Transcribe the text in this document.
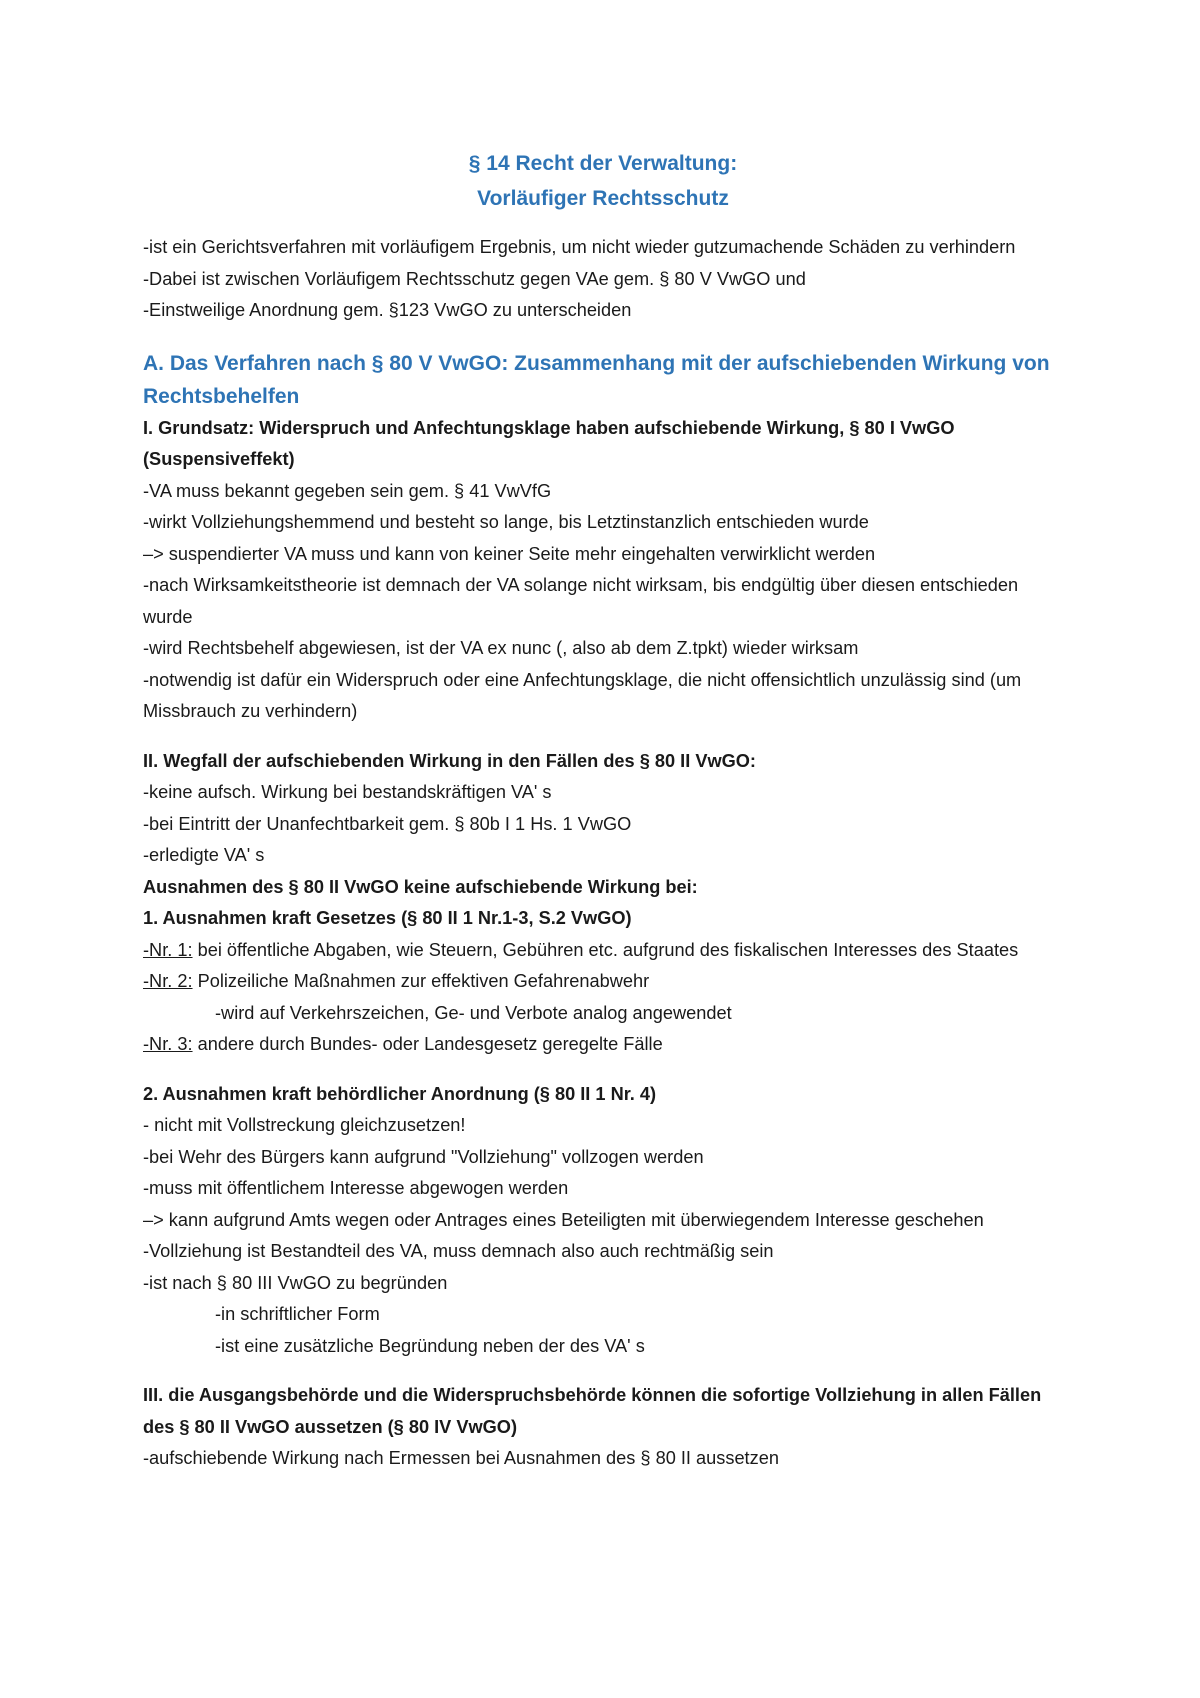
§ 14 Recht der Verwaltung:

Vorläufiger Rechtsschutz

-ist ein Gerichtsverfahren mit vorläufigem Ergebnis, um nicht wieder gutzumachende Schäden zu verhindern

-Dabei ist zwischen Vorläufigem Rechtsschutz gegen VAe gem. § 80 V VwGO und

-Einstweilige Anordnung gem. §123 VwGO zu unterscheiden

A. Das Verfahren nach § 80 V VwGO: Zusammenhang mit der aufschiebenden Wirkung von Rechtsbehelfen

I. Grundsatz: Widerspruch und Anfechtungsklage haben aufschiebende Wirkung, § 80 I VwGO (Suspensiveffekt)

-VA muss bekannt gegeben sein gem. § 41 VwVfG

-wirkt Vollziehungshemmend und besteht so lange, bis Letztinstanzlich entschieden wurde

–> suspendierter VA muss und kann von keiner Seite mehr eingehalten verwirklicht werden

-nach Wirksamkeitstheorie ist demnach der VA solange nicht wirksam, bis endgültig über diesen entschieden wurde

-wird Rechtsbehelf abgewiesen, ist der VA ex nunc (, also ab dem Z.tpkt) wieder wirksam

-notwendig ist dafür ein Widerspruch oder eine Anfechtungsklage, die nicht offensichtlich unzulässig sind (um Missbrauch zu verhindern)

II. Wegfall der aufschiebenden Wirkung in den Fällen des § 80 II VwGO:

-keine aufsch. Wirkung bei bestandskräftigen VA' s

-bei Eintritt der Unanfechtbarkeit gem. § 80b I 1 Hs. 1 VwGO

-erledigte VA' s

Ausnahmen des § 80 II VwGO keine aufschiebende Wirkung bei:

1. Ausnahmen kraft Gesetzes (§ 80 II 1 Nr.1-3, S.2 VwGO)

-Nr. 1: bei öffentliche Abgaben, wie Steuern, Gebühren etc. aufgrund des fiskalischen Interesses des Staates

-Nr. 2: Polizeiliche Maßnahmen zur effektiven Gefahrenabwehr

-wird auf Verkehrszeichen, Ge- und Verbote analog angewendet

-Nr. 3: andere durch Bundes- oder Landesgesetz geregelte Fälle

2. Ausnahmen kraft behördlicher Anordnung (§ 80 II 1 Nr. 4)

- nicht mit Vollstreckung gleichzusetzen!

-bei Wehr des Bürgers kann aufgrund "Vollziehung" vollzogen werden

-muss mit öffentlichem Interesse abgewogen werden

–> kann aufgrund Amts wegen oder Antrages eines Beteiligten mit überwiegendem Interesse geschehen

-Vollziehung ist Bestandteil des VA, muss demnach also auch rechtmäßig sein

-ist nach § 80 III VwGO zu begründen

-in schriftlicher Form

-ist eine zusätzliche Begründung neben der des VA' s

III. die Ausgangsbehörde und die Widerspruchsbehörde können die sofortige Vollziehung in allen Fällen des § 80 II VwGO aussetzen (§ 80 IV VwGO)

-aufschiebende Wirkung nach Ermessen bei Ausnahmen des § 80 II aussetzen
